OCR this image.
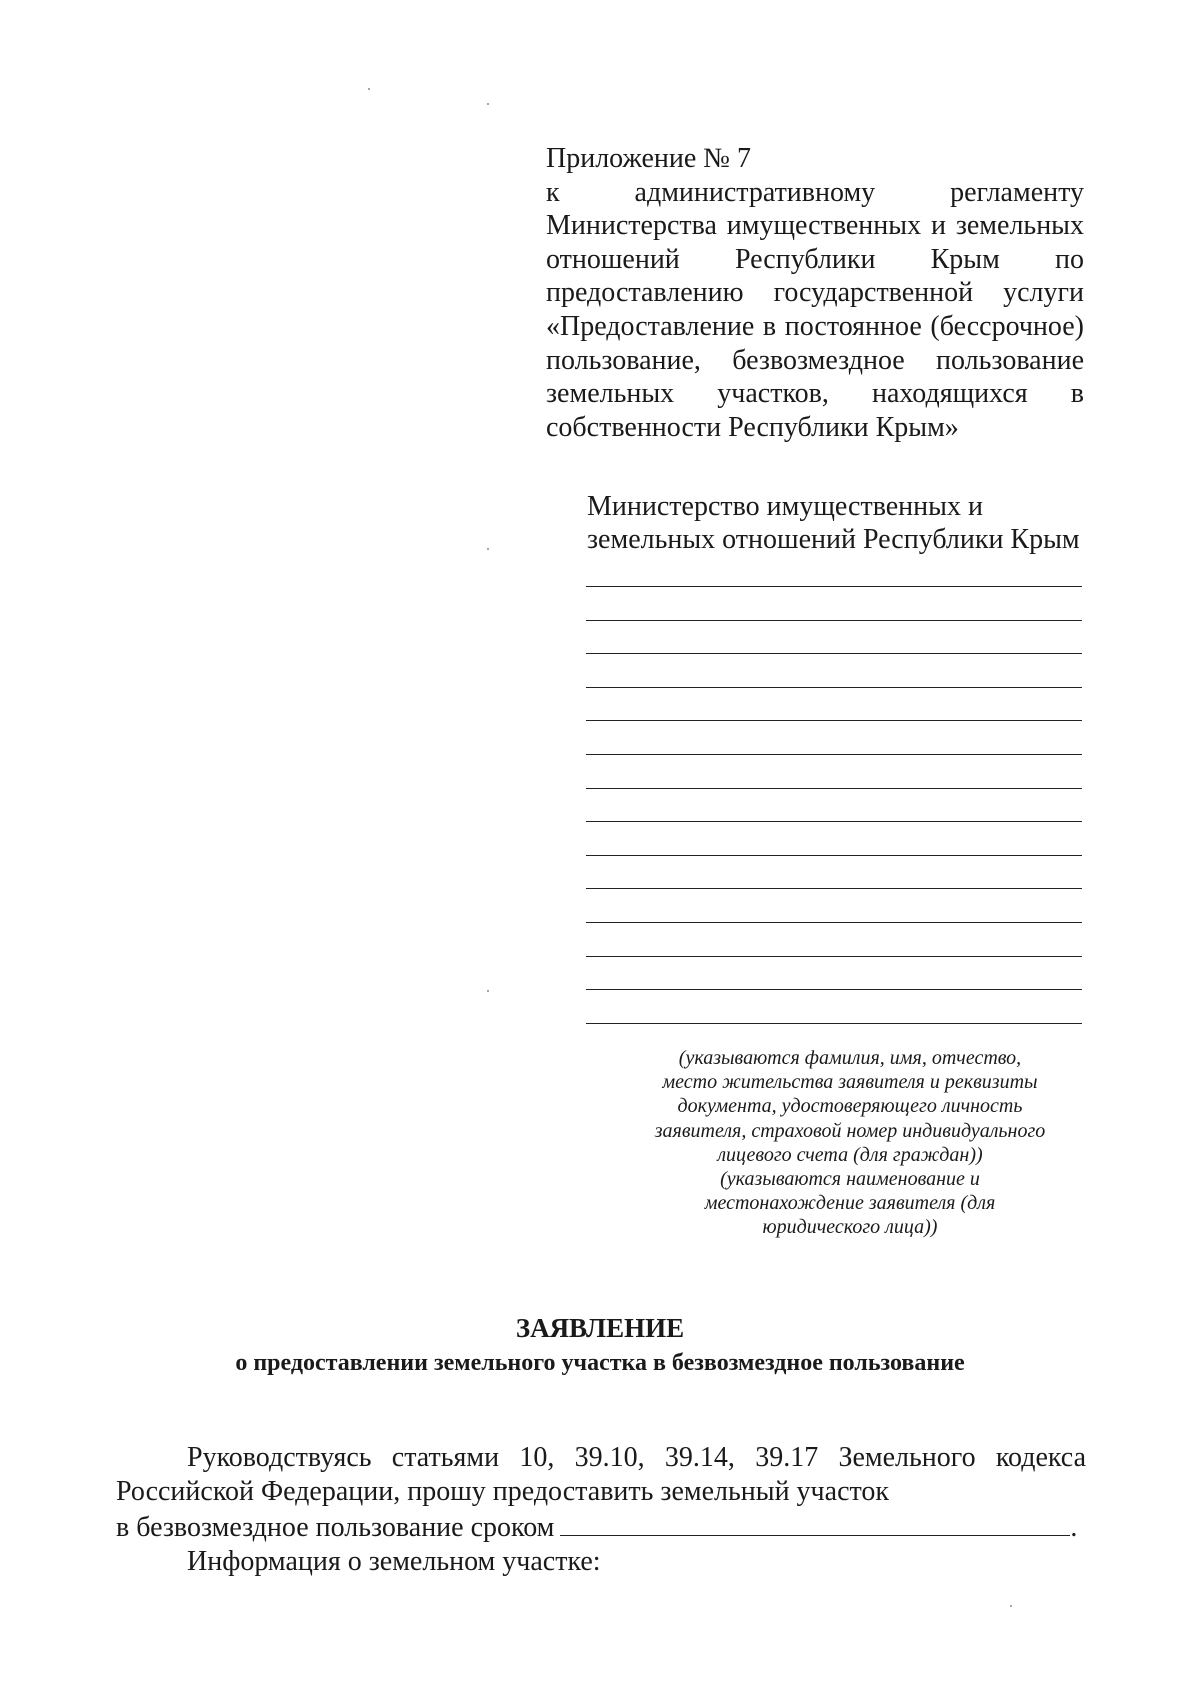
Приложение № 7
к административному регламенту Министерства имущественных и земельных отношений Республики Крым по предоставлению государственной услуги «Предоставление в постоянное (бессрочное) пользование, безвозмездное пользование земельных участков, находящихся в собственности Республики Крым»
Министерство имущественных и
земельных отношений Республики Крым
(указываются фамилия, имя, отчество,
место жительства заявителя и реквизиты
документа, удостоверяющего личность
заявителя, страховой номер индивидуального
лицевого счета (для граждан))
(указываются наименование и
местонахождение заявителя (для
юридического лица))
ЗАЯВЛЕНИЕ
о предоставлении земельного участка в безвозмездное пользование
Руководствуясь статьями 10, 39.10, 39.14, 39.17 Земельного кодекса Российской Федерации, прошу предоставить земельный участок
в безвозмездное пользование сроком	.
Информация о земельном участке:
